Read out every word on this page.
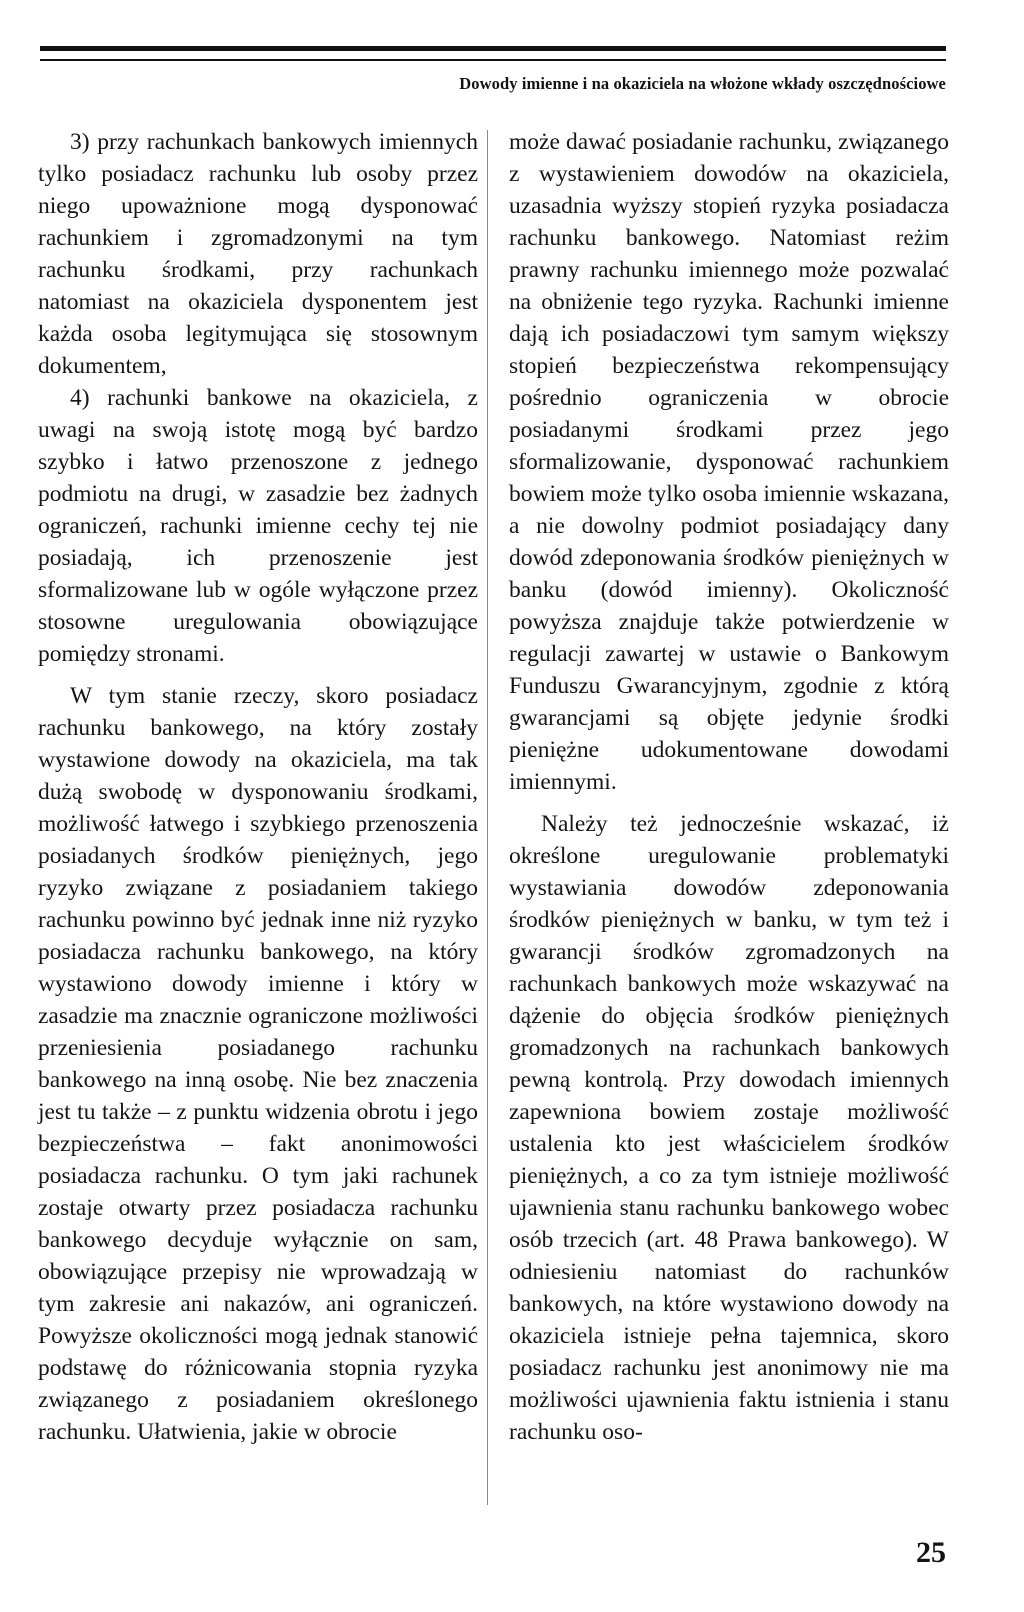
Dowody imienne i na okaziciela na włożone wkłady oszczędnościowe

3) przy rachunkach bankowych imiennych tylko posiadacz rachunku lub osoby przez niego upoważnione mogą dysponować rachunkiem i zgromadzonymi na tym rachunku środkami, przy rachunkach natomiast na okaziciela dysponentem jest każda osoba legitymująca się stosownym dokumentem,

4) rachunki bankowe na okaziciela, z uwagi na swoją istotę mogą być bardzo szybko i łatwo przenoszone z jednego podmiotu na drugi, w zasadzie bez żadnych ograniczeń, rachunki imienne cechy tej nie posiadają, ich przenoszenie jest sformalizowane lub w ogóle wyłączone przez stosowne uregulowania obowiązujące pomiędzy stronami.

W tym stanie rzeczy, skoro posiadacz rachunku bankowego, na który zostały wystawione dowody na okaziciela, ma tak dużą swobodę w dysponowaniu środkami, możliwość łatwego i szybkiego przenoszenia posiadanych środków pieniężnych, jego ryzyko związane z posiadaniem takiego rachunku powinno być jednak inne niż ryzyko posiadacza rachunku bankowego, na który wystawiono dowody imienne i który w zasadzie ma znacznie ograniczone możliwości przeniesienia posiadanego rachunku bankowego na inną osobę. Nie bez znaczenia jest tu także – z punktu widzenia obrotu i jego bezpieczeństwa – fakt anonimowości posiadacza rachunku. O tym jaki rachunek zostaje otwarty przez posiadacza rachunku bankowego decyduje wyłącznie on sam, obowiązujące przepisy nie wprowadzają w tym zakresie ani nakazów, ani ograniczeń. Powyższe okoliczności mogą jednak stanowić podstawę do różnicowania stopnia ryzyka związanego z posiadaniem określonego rachunku. Ułatwienia, jakie w obrocie

może dawać posiadanie rachunku, związanego z wystawieniem dowodów na okaziciela, uzasadnia wyższy stopień ryzyka posiadacza rachunku bankowego. Natomiast reżim prawny rachunku imiennego może pozwalać na obniżenie tego ryzyka. Rachunki imienne dają ich posiadaczowi tym samym większy stopień bezpieczeństwa rekompensujący pośrednio ograniczenia w obrocie posiadanymi środkami przez jego sformalizowanie, dysponować rachunkiem bowiem może tylko osoba imiennie wskazana, a nie dowolny podmiot posiadający dany dowód zdeponowania środków pieniężnych w banku (dowód imienny). Okoliczność powyższa znajduje także potwierdzenie w regulacji zawartej w ustawie o Bankowym Funduszu Gwarancyjnym, zgodnie z którą gwarancjami są objęte jedynie środki pieniężne udokumentowane dowodami imiennymi.

Należy też jednocześnie wskazać, iż określone uregulowanie problematyki wystawiania dowodów zdeponowania środków pieniężnych w banku, w tym też i gwarancji środków zgromadzonych na rachunkach bankowych może wskazywać na dążenie do objęcia środków pieniężnych gromadzonych na rachunkach bankowych pewną kontrolą. Przy dowodach imiennych zapewniona bowiem zostaje możliwość ustalenia kto jest właścicielem środków pieniężnych, a co za tym istnieje możliwość ujawnienia stanu rachunku bankowego wobec osób trzecich (art. 48 Prawa bankowego). W odniesieniu natomiast do rachunków bankowych, na które wystawiono dowody na okaziciela istnieje pełna tajemnica, skoro posiadacz rachunku jest anonimowy nie ma możliwości ujawnienia faktu istnienia i stanu rachunku oso-

25
